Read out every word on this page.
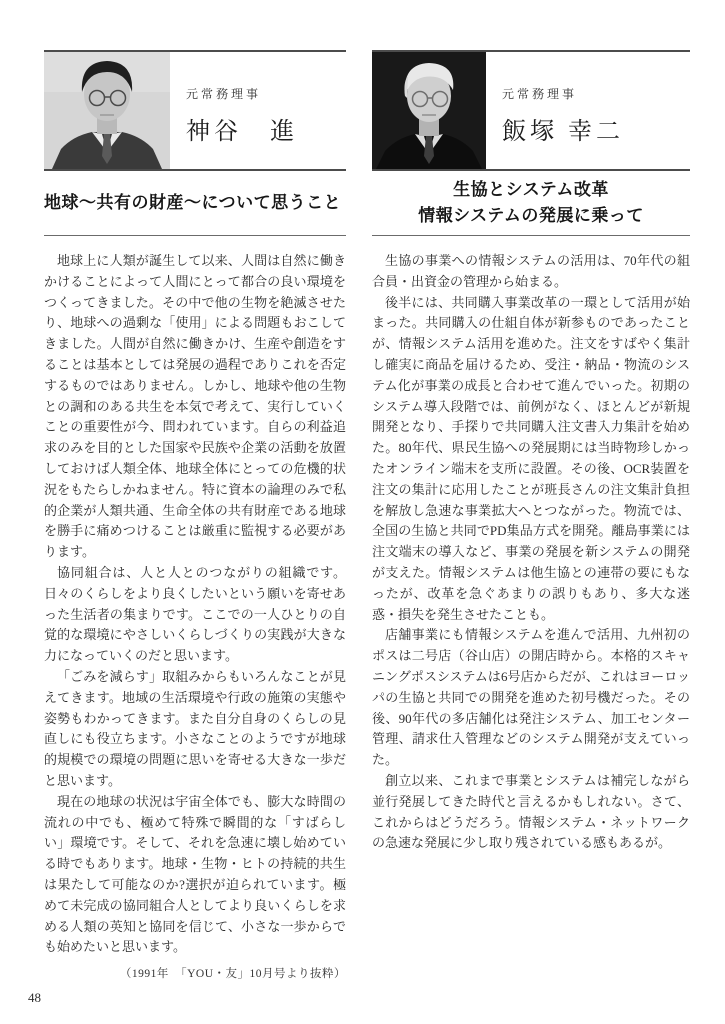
元常務理事
神谷　進
地球〜共有の財産〜について思うこと

地球上に人類が誕生して以来、人間は自然に働きかけることによって人間にとって都合の良い環境をつくってきました。その中で他の生物を絶滅させたり、地球への過剰な「使用」による問題もおこしてきました。人間が自然に働きかけ、生産や創造をすることは基本としては発展の過程でありこれを否定するものではありません。しかし、地球や他の生物との調和のある共生を本気で考えて、実行していくことの重要性が今、問われています。自らの利益追求のみを目的とした国家や民族や企業の活動を放置しておけば人類全体、地球全体にとっての危機的状況をもたらしかねません。特に資本の論理のみで私的企業が人類共通、生命全体の共有財産である地球を勝手に痛めつけることは厳重に監視する必要があります。

協同組合は、人と人とのつながりの組織です。日々のくらしをより良くしたいという願いを寄せあった生活者の集まりです。ここでの一人ひとりの自覚的な環境にやさしいくらしづくりの実践が大きな力になっていくのだと思います。

「ごみを減らす」取組みからもいろんなことが見えてきます。地域の生活環境や行政の施策の実態や姿勢もわかってきます。また自分自身のくらしの見直しにも役立ちます。小さなことのようですが地球的規模での環境の問題に思いを寄せる大きな一歩だと思います。

現在の地球の状況は宇宙全体でも、膨大な時間の流れの中でも、極めて特殊で瞬間的な「すばらしい」環境です。そして、それを急速に壊し始めている時でもあります。地球・生物・ヒトの持続的共生は果たして可能なのか?選択が迫られています。極めて未完成の協同組合人としてより良いくらしを求める人類の英知と協同を信じて、小さな一歩からでも始めたいと思います。

（1991年　「YOU・友」10月号より抜粋）

元常務理事
飯塚 幸二
生協とシステム改革
情報システムの発展に乗って

生協の事業への情報システムの活用は、70年代の組合員・出資金の管理から始まる。

後半には、共同購入事業改革の一環として活用が始まった。共同購入の仕組自体が新参ものであったことが、情報システム活用を進めた。注文をすばやく集計し確実に商品を届けるため、受注・納品・物流のシステム化が事業の成長と合わせて進んでいった。初期のシステム導入段階では、前例がなく、ほとんどが新規開発となり、手探りで共同購入注文書入力集計を始めた。80年代、県民生協への発展期には当時物珍しかったオンライン端末を支所に設置。その後、OCR装置を注文の集計に応用したことが班長さんの注文集計負担を解放し急速な事業拡大へとつながった。物流では、全国の生協と共同でPD集品方式を開発。離島事業には注文端末の導入など、事業の発展を新システムの開発が支えた。情報システムは他生協との連帯の要にもなったが、改革を急ぐあまりの誤りもあり、多大な迷惑・損失を発生させたことも。

店舗事業にも情報システムを進んで活用、九州初のポスは二号店（谷山店）の開店時から。本格的スキャニングポスシステムは6号店からだが、これはヨーロッパの生協と共同での開発を進めた初号機だった。その後、90年代の多店舗化は発注システム、加工センター管理、請求仕入管理などのシステム開発が支えていった。

創立以来、これまで事業とシステムは補完しながら並行発展してきた時代と言えるかもしれない。さて、これからはどうだろう。情報システム・ネットワークの急速な発展に少し取り残されている感もあるが。

48
